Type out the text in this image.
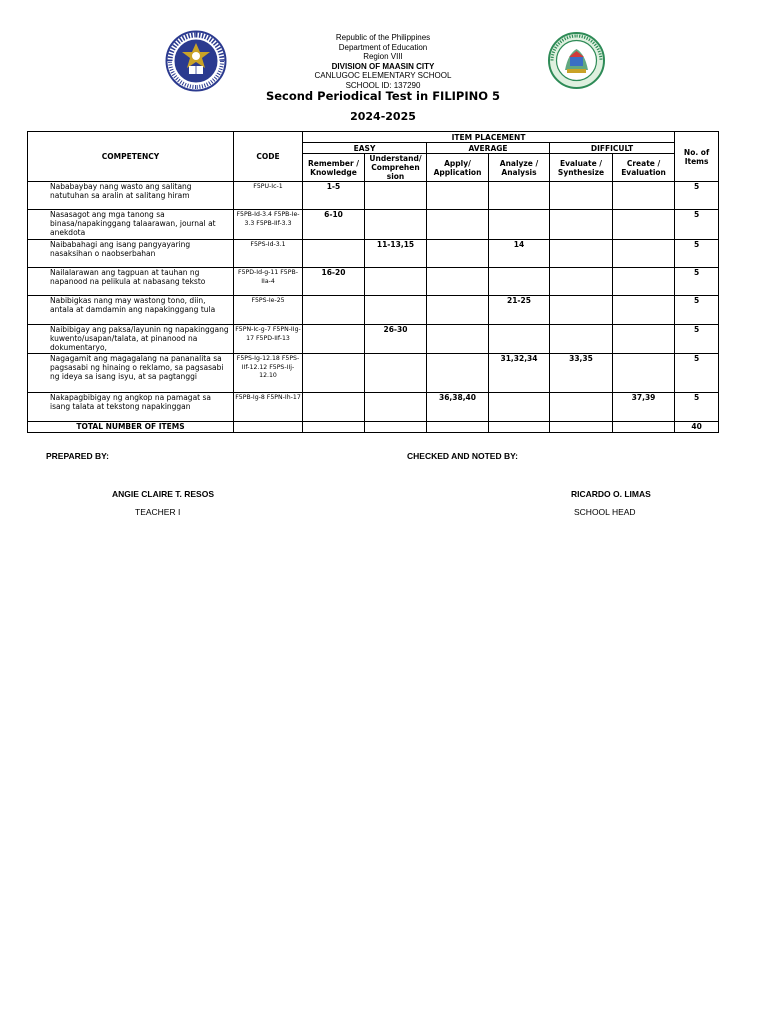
Republic of the Philippines
Department of Education
Region VIII
DIVISION OF MAASIN CITY
CANLUGOC ELEMENTARY SCHOOL
SCHOOL ID: 137290
Second Periodical Test in FILIPINO 5
2024-2025
COMPETENCY	CODE	ITEM PLACEMENT						No. of Items
		EASY		AVERAGE		DIFFICULT		
		Remember / Knowledge	Understand/ Comprehen sion	Apply/ Application	Analyze / Analysis	Evaluate / Synthesize	Create / Evaluation	
Nababaybay nang wasto ang salitang natutuhan sa aralin at salitang hiram	F5PU-Ic-1	1-5						5
Nasasagot ang mga tanong sa binasa/napakinggang talaarawan, journal at anekdota	F5PB-Id-3.4 F5PB-Ie-3.3 F5PB-IIf-3.3	6-10						5
Naibabahagi ang isang pangyayaring nasaksihan o naobserbahan	F5PS-Id-3.1		11-13,15		14			5
Nailalarawan ang tagpuan at tauhan ng napanood na pelikula at nabasang teksto	F5PD-Id-g-11 F5PB-IIa-4	16-20						5
Nabibigkas nang may wastong tono, diin, antala at damdamin ang napakinggang tula	F5PS-Ie-25				21-25			5
Naibibigay ang paksa/layunin ng napakinggang kuwento/usapan/talata, at pinanood na dokumentaryo,	F5PN-Ic-g-7 F5PN-IIg-17 F5PD-IIf-13		26-30					5
Nagagamit ang magagalang na pananalita sa pagsasabi ng hinaing o reklamo, sa pagsasabi ng ideya sa isang isyu, at sa pagtanggi	F5PS-Ig-12.18 F5PS-IIf-12.12 F5PS-IIj-12.10				31,32,34	33,35		5
Nakapagbibigay ng angkop na pamagat sa isang talata at tekstong napakinggan	F5PB-Ig-8 F5PN-Ih-17			36,38,40			37,39	5
TOTAL NUMBER OF ITEMS								40
PREPARED BY:	CHECKED AND NOTED BY:
ANGIE CLAIRE T. RESOS
TEACHER I
RICARDO O. LIMAS
SCHOOL HEAD
